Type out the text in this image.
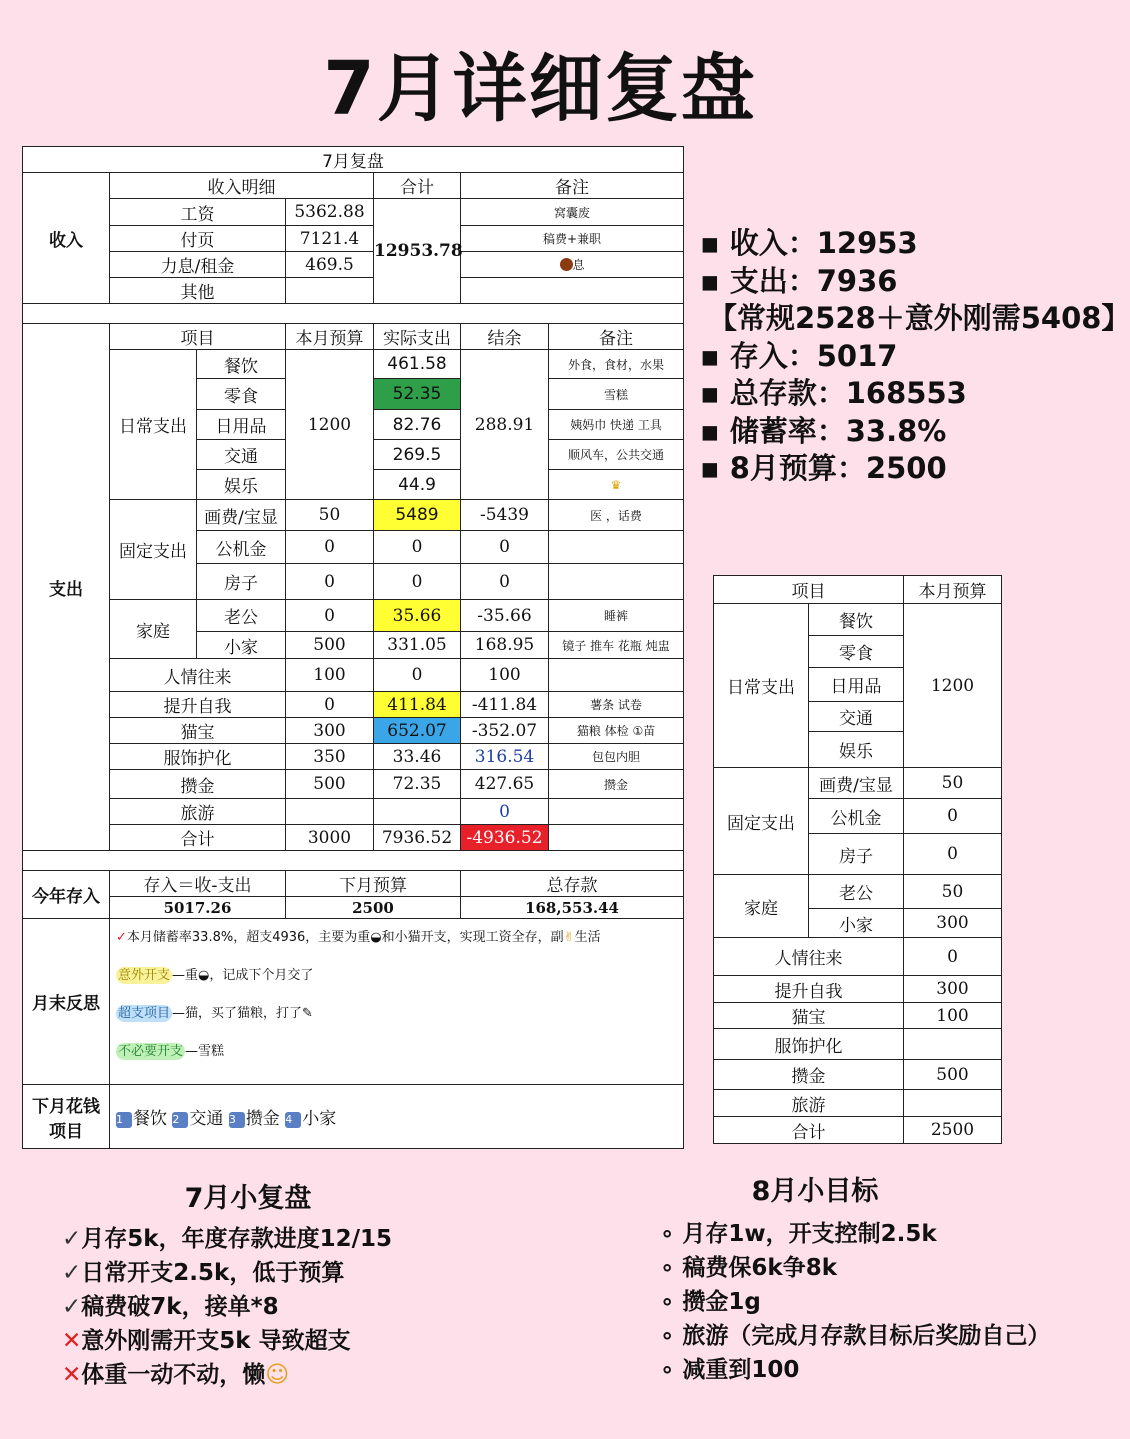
7月详细复盘
7月复盘						
收入	收入明细			合计	备注	
	工资		5362.88	12953.78	窝囊废	
	付页		7121.4		稿费+兼职	
	力息/租金		469.5		息	
	其他					

支出	项目		本月预算	实际支出	结余	备注
	日常支出	餐饮	1200	461.58	288.91	外食，食材，水果
		零食		52.35		雪糕
		日用品		82.76		姨妈巾 快递 工具
		交通		269.5		顺风车，公共交通
		娱乐		44.9		♛
	固定支出	画费/宝显	50	5489	-5439	医 ，话费
		公机金	0	0	0	
		房子	0	0	0	
	家庭	老公	0	35.66	-35.66	睡裤
		小家	500	331.05	168.95	镜子 推车 花瓶 炖盅
	人情往来		100	0	100	
	提升自我		0	411.84	-411.84	薯条 试卷
	猫宝		300	652.07	-352.07	猫粮 体检 ①苗
	服饰护化		350	33.46	316.54	包包内胆
	攒金		500	72.35	427.65	攒金
	旅游				0	
	合计		3000	7936.52	-4936.52	

今年存入	存入＝收-支出		下月预算		总存款	
	5017.26		2500		168,553.44	
月末反思	✓本月储蓄率33.8%，超支4936，主要为重◒和小猫开支，实现工资全存，副✌生活
意外开支 —重◒，记成下个月交了
超支项目 —猫，买了猫粮，打了✎
不必要开支 —雪糕					

下月花钱
项目	1 餐饮 2 交通 3 攒金 4 小家					
▪ 收入：12953
▪ 支出：7936
【常规2528＋意外刚需5408】
▪ 存入：5017
▪ 总存款：168553
▪ 储蓄率：33.8%
▪ 8月预算：2500
项目		本月预算
日常支出	餐饮	1200
	零食	
	日用品	
	交通	
	娱乐	
固定支出	画费/宝显	50
	公机金	0
	房子	0
家庭	老公	50
	小家	300
人情往来		0
提升自我		300
猫宝		100
服饰护化		
攒金		500
旅游		
合计		2500
7月小复盘
✓月存5k，年度存款进度12/15
✓日常开支2.5k，低于预算
✓稿费破7k，接单*8
✕意外刚需开支5k 导致超支
✕体重一动不动，懒☺
8月小目标
∘ 月存1w，开支控制2.5k
∘ 稿费保6k争8k
∘ 攒金1g
∘ 旅游（完成月存款目标后奖励自己）
∘ 减重到100
